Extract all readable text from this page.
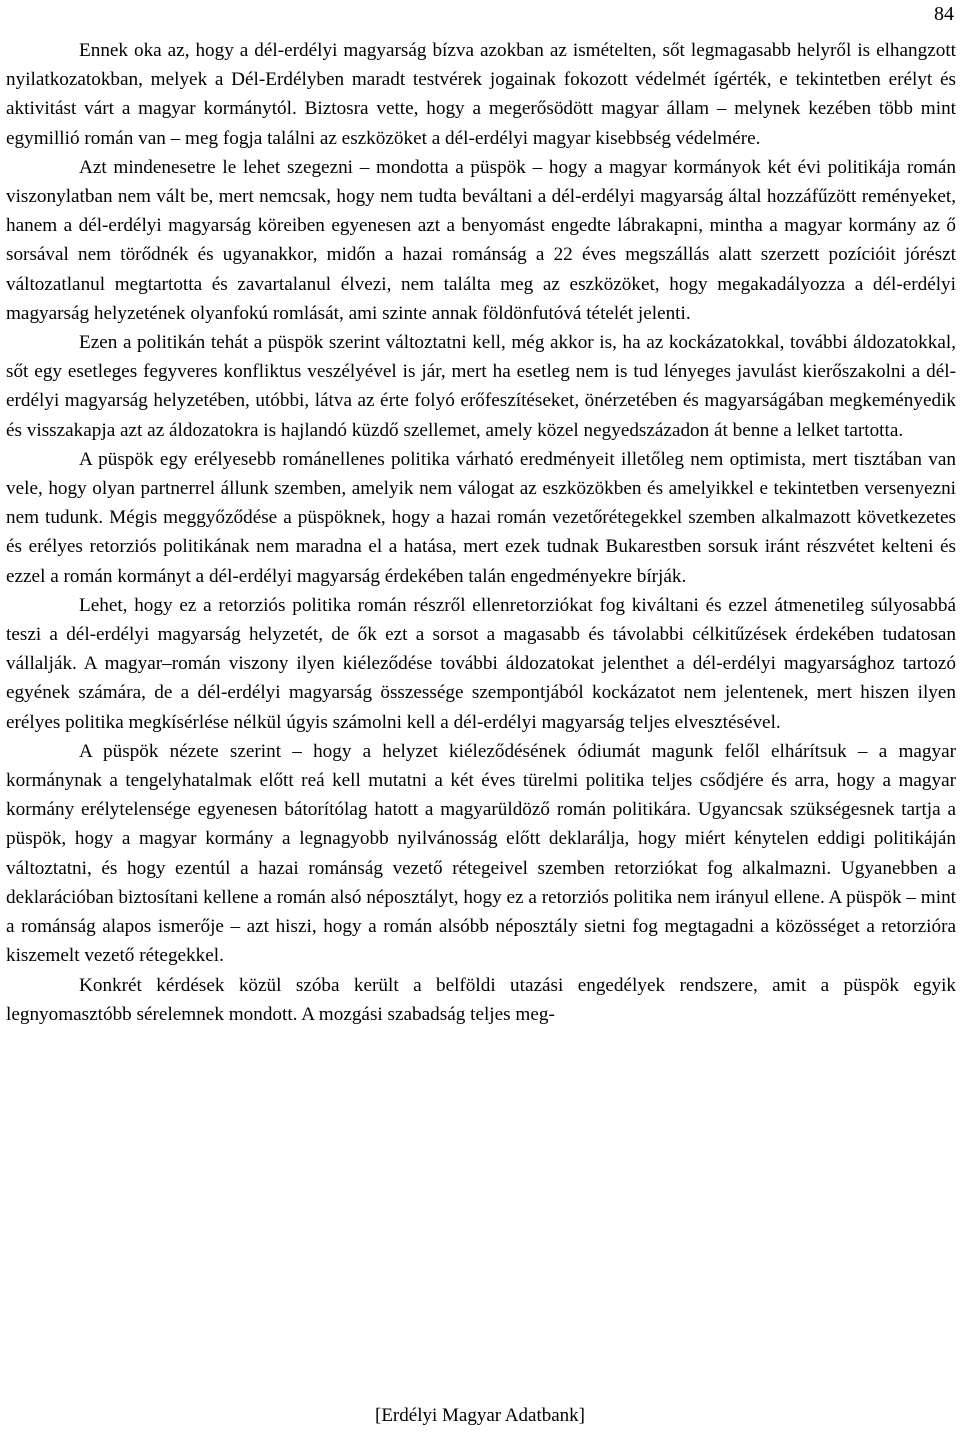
84

Ennek oka az, hogy a dél-erdélyi magyarság bízva azokban az ismételten, sőt legmagasabb helyről is elhangzott nyilatkozatokban, melyek a Dél-Erdélyben maradt testvérek jogainak fokozott védelmét ígérték, e tekintetben erélyt és aktivitást várt a magyar kormánytól. Biztosra vette, hogy a megerősödött magyar állam – melynek kezében több mint egymillió román van – meg fogja találni az eszközöket a dél-erdélyi magyar kisebbség védelmére.

Azt mindenesetre le lehet szegezni – mondotta a püspök – hogy a magyar kormányok két évi politikája román viszonylatban nem vált be, mert nemcsak, hogy nem tudta beváltani a dél-erdélyi magyarság által hozzáfűzött reményeket, hanem a dél-erdélyi magyarság köreiben egyenesen azt a benyomást engedte lábrakapni, mintha a magyar kormány az ő sorsával nem törődnék és ugyanakkor, midőn a hazai románság a 22 éves megszállás alatt szerzett pozícióit jórészt változatlanul megtartotta és zavartalanul élvezi, nem találta meg az eszközöket, hogy megakadályozza a dél-erdélyi magyarság helyzetének olyanfokú romlását, ami szinte annak földönfutóvá tételét jelenti.

Ezen a politikán tehát a püspök szerint változtatni kell, még akkor is, ha az kockázatokkal, további áldozatokkal, sőt egy esetleges fegyveres konfliktus veszélyével is jár, mert ha esetleg nem is tud lényeges javulást kierőszakolni a dél-erdélyi magyarság helyzetében, utóbbi, látva az érte folyó erőfeszítéseket, önérzetében és magyarságában megkeményedik és visszakapja azt az áldozatokra is hajlandó küzdő szellemet, amely közel negyedszázadon át benne a lelket tartotta.

A püspök egy erélyesebb románellenes politika várható eredményeit illetőleg nem optimista, mert tisztában van vele, hogy olyan partnerrel állunk szemben, amelyik nem válogat az eszközökben és amelyikkel e tekintetben versenyezni nem tudunk. Mégis meggyőződése a püspöknek, hogy a hazai román vezetőrétegekkel szemben alkalmazott következetes és erélyes retorziós politikának nem maradna el a hatása, mert ezek tudnak Bukarestben sorsuk iránt részvétet kelteni és ezzel a román kormányt a dél-erdélyi magyarság érdekében talán engedményekre bírják.

Lehet, hogy ez a retorziós politika román részről ellenretorziókat fog kiváltani és ezzel átmenetileg súlyosabbá teszi a dél-erdélyi magyarság helyzetét, de ők ezt a sorsot a magasabb és távolabbi célkitűzések érdekében tudatosan vállalják. A magyar–román viszony ilyen kiéleződése további áldozatokat jelenthet a dél-erdélyi magyarsághoz tartozó egyének számára, de a dél-erdélyi magyarság összessége szempontjából kockázatot nem jelentenek, mert hiszen ilyen erélyes politika megkísérlése nélkül úgyis számolni kell a dél-erdélyi magyarság teljes elvesztésével.

A püspök nézete szerint – hogy a helyzet kiéleződésének ódiumát magunk felől elhárítsuk – a magyar kormánynak a tengelyhatalmak előtt reá kell mutatni a két éves türelmi politika teljes csődjére és arra, hogy a magyar kormány erélytelensége egyenesen bátorítólag hatott a magyarüldöző román politikára. Ugyancsak szükségesnek tartja a püspök, hogy a magyar kormány a legnagyobb nyilvánosság előtt deklarálja, hogy miért kénytelen eddigi politikáján változtatni, és hogy ezentúl a hazai románság vezető rétegeivel szemben retorziókat fog alkalmazni. Ugyanebben a deklarációban biztosítani kellene a román alsó néposztályt, hogy ez a retorziós politika nem irányul ellene. A püspök – mint a románság alapos ismerője – azt hiszi, hogy a román alsóbb néposztály sietni fog megtagadni a közösséget a retorzióra kiszemelt vezető rétegekkel.

Konkrét kérdések közül szóba került a belföldi utazási engedélyek rendszere, amit a püspök egyik legnyomasztóbb sérelemnek mondott. A mozgási szabadság teljes meg-

[Erdélyi Magyar Adatbank]
